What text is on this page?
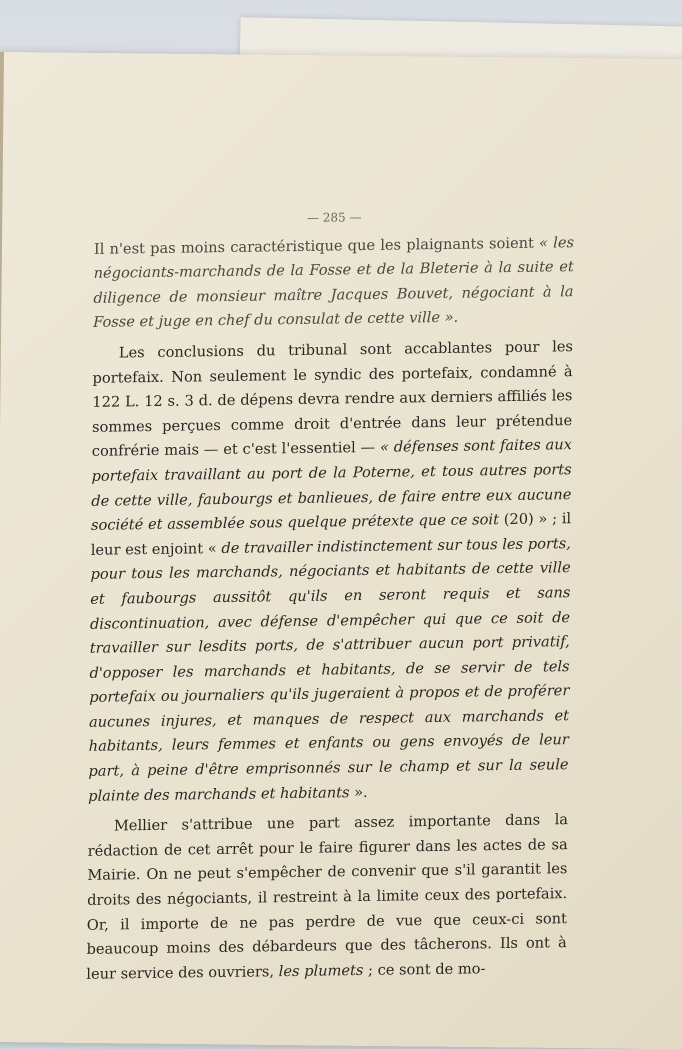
— 285 —

Il n'est pas moins caractéristique que les plaignants soient « les négociants-marchands de la Fosse et de la Bleterie à la suite et diligence de monsieur maître Jacques Bouvet, négociant à la Fosse et juge en chef du consulat de cette ville ».

Les conclusions du tribunal sont accablantes pour les portefaix. Non seulement le syndic des portefaix, condamné à 122 L. 12 s. 3 d. de dépens devra rendre aux derniers affiliés les sommes perçues comme droit d'entrée dans leur prétendue confrérie mais — et c'est l'essentiel — « défenses sont faites aux portefaix travaillant au port de la Poterne, et tous autres ports de cette ville, faubourgs et banlieues, de faire entre eux aucune société et assemblée sous quelque prétexte que ce soit (20) » ; il leur est enjoint « de travailler indistinctement sur tous les ports, pour tous les marchands, négociants et habitants de cette ville et faubourgs aussitôt qu'ils en seront requis et sans discontinuation, avec défense d'empêcher qui que ce soit de travailler sur lesdits ports, de s'attribuer aucun port privatif, d'opposer les marchands et habitants, de se servir de tels portefaix ou journaliers qu'ils jugeraient à propos et de proférer aucunes injures, et manques de respect aux marchands et habitants, leurs femmes et enfants ou gens envoyés de leur part, à peine d'être emprisonnés sur le champ et sur la seule plainte des marchands et habitants ».

Mellier s'attribue une part assez importante dans la rédaction de cet arrêt pour le faire figurer dans les actes de sa Mairie. On ne peut s'empêcher de convenir que s'il garantit les droits des négociants, il restreint à la limite ceux des portefaix. Or, il importe de ne pas perdre de vue que ceux-ci sont beaucoup moins des débardeurs que des tâcherons. Ils ont à leur service des ouvriers, les plumets ; ce sont de mo-
